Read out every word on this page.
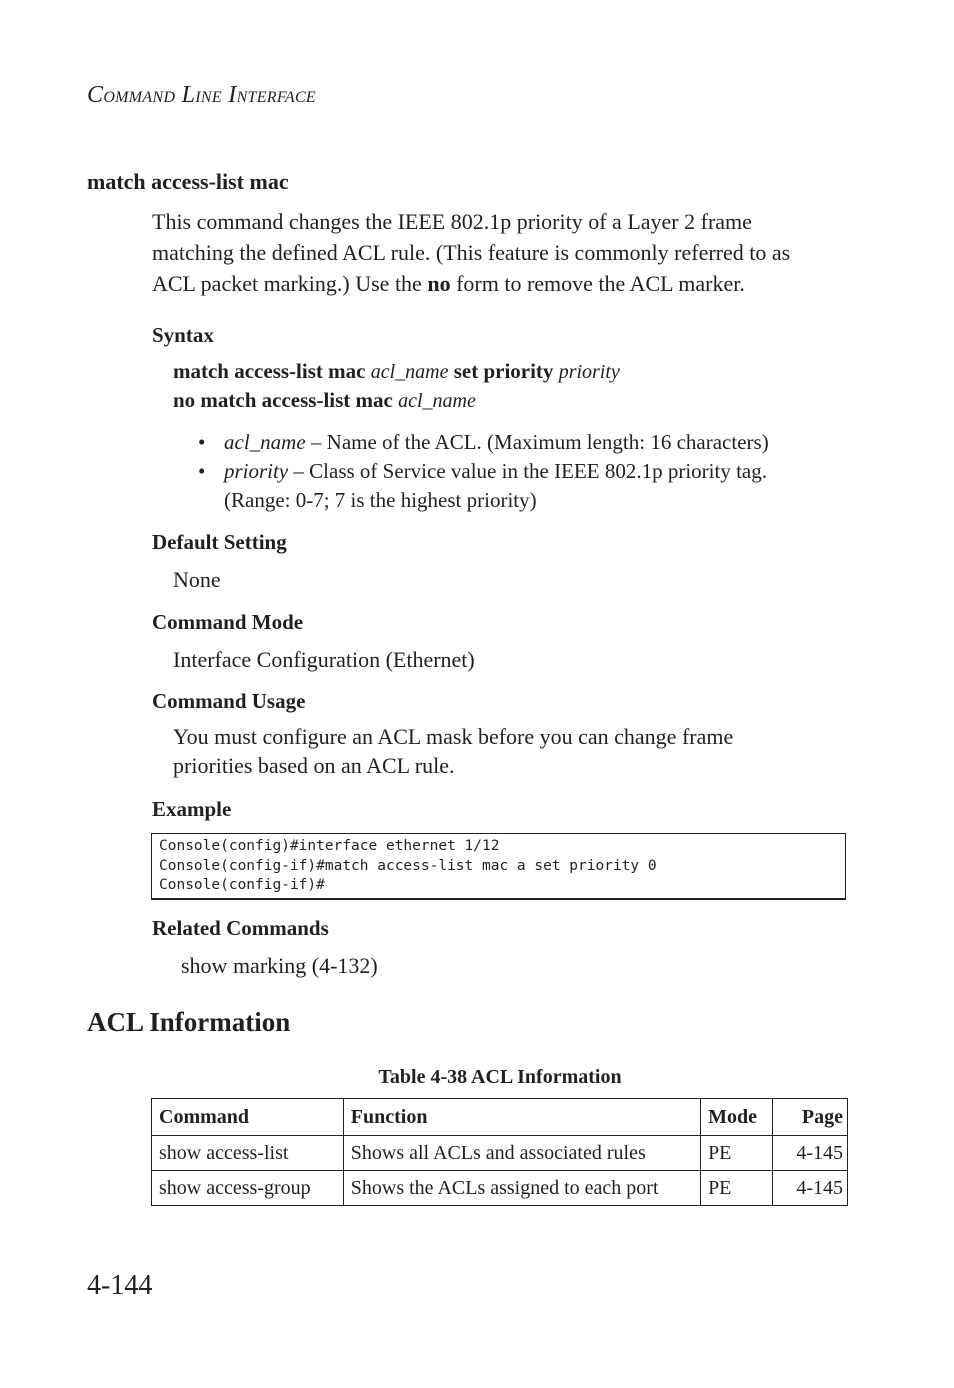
COMMAND LINE INTERFACE
match access-list mac
This command changes the IEEE 802.1p priority of a Layer 2 frame
matching the defined ACL rule. (This feature is commonly referred to as
ACL packet marking.) Use the no form to remove the ACL marker.
Syntax
match access-list mac acl_name set priority priority
no match access-list mac acl_name
• acl_name – Name of the ACL. (Maximum length: 16 characters)
• priority – Class of Service value in the IEEE 802.1p priority tag.
(Range: 0-7; 7 is the highest priority)
Default Setting
None
Command Mode
Interface Configuration (Ethernet)
Command Usage
You must configure an ACL mask before you can change frame
priorities based on an ACL rule.
Example
Console(config)#interface ethernet 1/12
Console(config-if)#match access-list mac a set priority 0
Console(config-if)#
Related Commands
show marking (4-132)
ACL Information
Table 4-38 ACL Information
Command	Function	Mode	Page
show access-list	Shows all ACLs and associated rules	PE	4-145
show access-group	Shows the ACLs assigned to each port	PE	4-145
4-144
